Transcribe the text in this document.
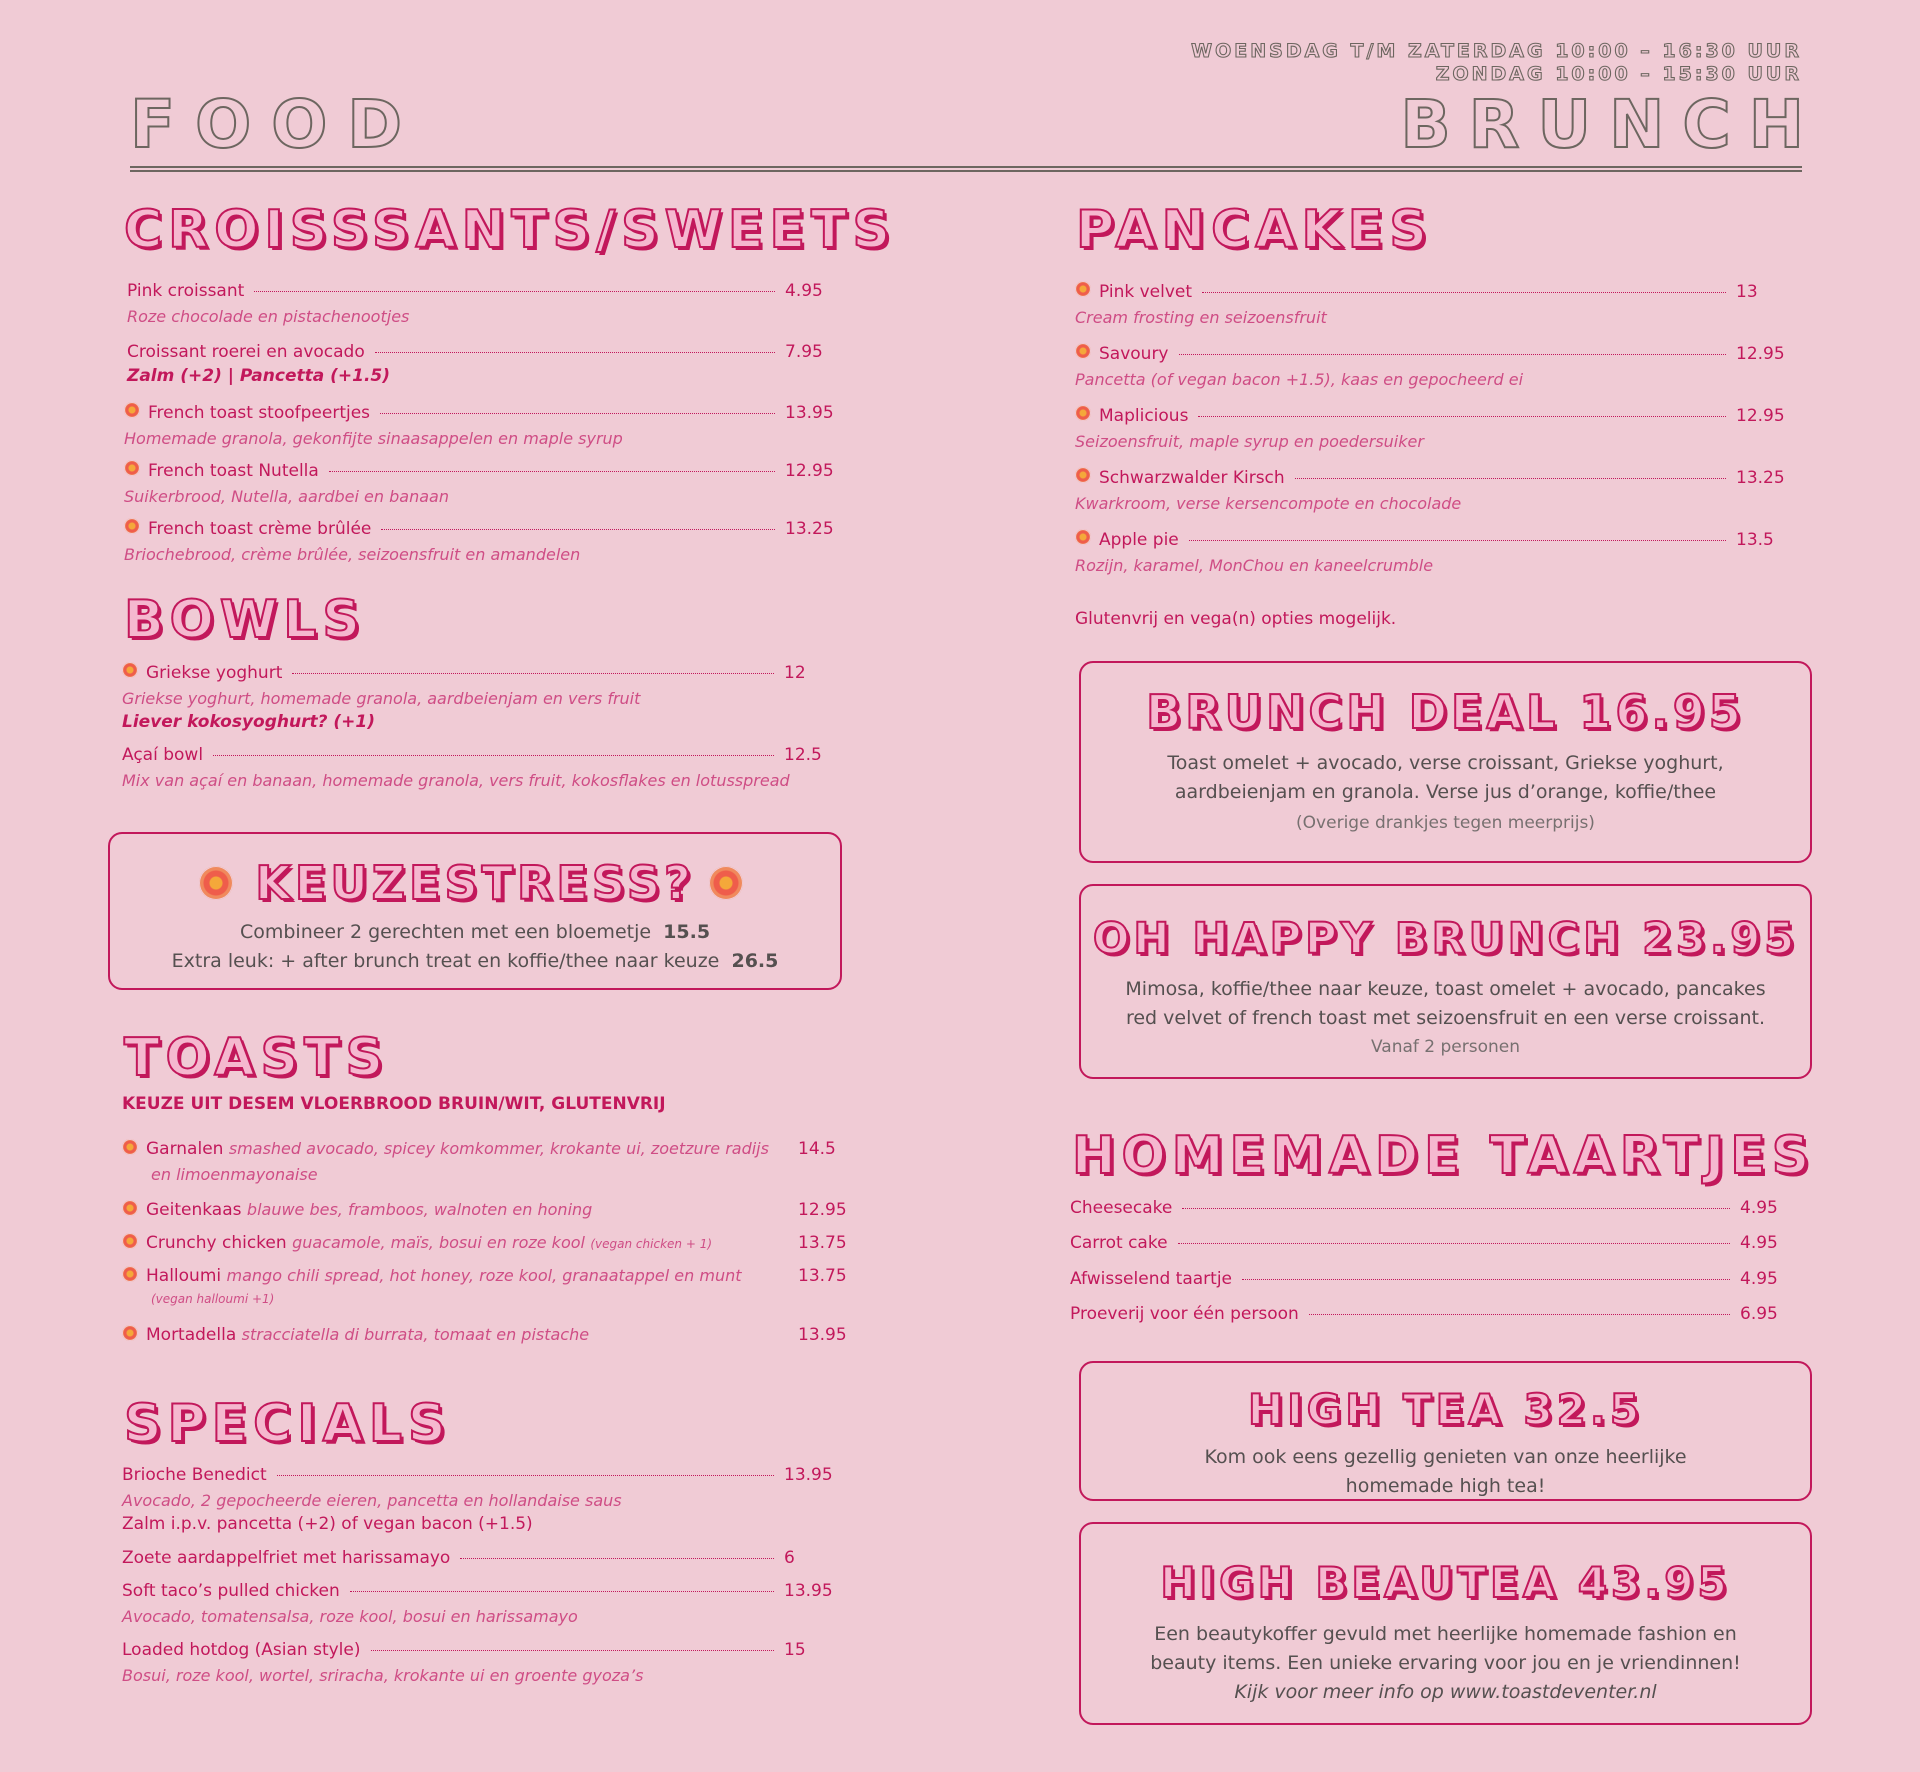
WOENSDAG T/M ZATERDAG 10:00 – 16:30 UUR
ZONDAG 10:00 – 15:30 UUR
FOOD	BRUNCH
CROISSSANTS/SWEETS
Pink croissant	4.95
Roze chocolade en pistachenootjes
Croissant roerei en avocado	7.95
Zalm (+2) | Pancetta (+1.5)
French toast stoofpeertjes	13.95
Homemade granola, gekonfijte sinaasappelen en maple syrup
French toast Nutella	12.95
Suikerbrood, Nutella, aardbei en banaan
French toast crème brûlée	13.25
Briochebrood, crème brûlée, seizoensfruit en amandelen
BOWLS
Griekse yoghurt	12
Griekse yoghurt, homemade granola, aardbeienjam en vers fruit
Liever kokosyoghurt? (+1)
Açaí bowl	12.5
Mix van açaí en banaan, homemade granola, vers fruit, kokosflakes en lotusspread
KEUZESTRESS?
Combineer 2 gerechten met een bloemetje 15.5
Extra leuk: + after brunch treat en koffie/thee naar keuze 26.5
TOASTS
KEUZE UIT DESEM VLOERBROOD BRUIN/WIT, GLUTENVRIJ
Garnalen smashed avocado, spicey komkommer, krokante ui, zoetzure radijs
en limoenmayonaise
14.5
Geitenkaas blauwe bes, framboos, walnoten en honing	12.95
Crunchy chicken guacamole, maïs, bosui en roze kool (vegan chicken + 1)	13.75
Halloumi mango chili spread, hot honey, roze kool, granaatappel en munt
(vegan halloumi +1)
13.75
Mortadella stracciatella di burrata, tomaat en pistache	13.95
SPECIALS
Brioche Benedict	13.95
Avocado, 2 gepocheerde eieren, pancetta en hollandaise saus
Zalm i.p.v. pancetta (+2) of vegan bacon (+1.5)
Zoete aardappelfriet met harissamayo	6
Soft taco’s pulled chicken	13.95
Avocado, tomatensalsa, roze kool, bosui en harissamayo
Loaded hotdog (Asian style)	15
Bosui, roze kool, wortel, sriracha, krokante ui en groente gyoza’s
PANCAKES
Pink velvet	13
Cream frosting en seizoensfruit
Savoury	12.95
Pancetta (of vegan bacon +1.5), kaas en gepocheerd ei
Maplicious	12.95
Seizoensfruit, maple syrup en poedersuiker
Schwarzwalder Kirsch	13.25
Kwarkroom, verse kersencompote en chocolade
Apple pie	13.5
Rozijn, karamel, MonChou en kaneelcrumble
Glutenvrij en vega(n) opties mogelijk.
BRUNCH DEAL 16.95
Toast omelet + avocado, verse croissant, Griekse yoghurt,
aardbeienjam en granola. Verse jus d’orange, koffie/thee
(Overige drankjes tegen meerprijs)
OH HAPPY BRUNCH 23.95
Mimosa, koffie/thee naar keuze, toast omelet + avocado, pancakes
red velvet of french toast met seizoensfruit en een verse croissant.
Vanaf 2 personen
HOMEMADE TAARTJES
Cheesecake	4.95
Carrot cake	4.95
Afwisselend taartje	4.95
Proeverij voor één persoon	6.95
HIGH TEA 32.5
Kom ook eens gezellig genieten van onze heerlijke
homemade high tea!
HIGH BEAUTEA 43.95
Een beautykoffer gevuld met heerlijke homemade fashion en
beauty items. Een unieke ervaring voor jou en je vriendinnen!
Kijk voor meer info op www.toastdeventer.nl
